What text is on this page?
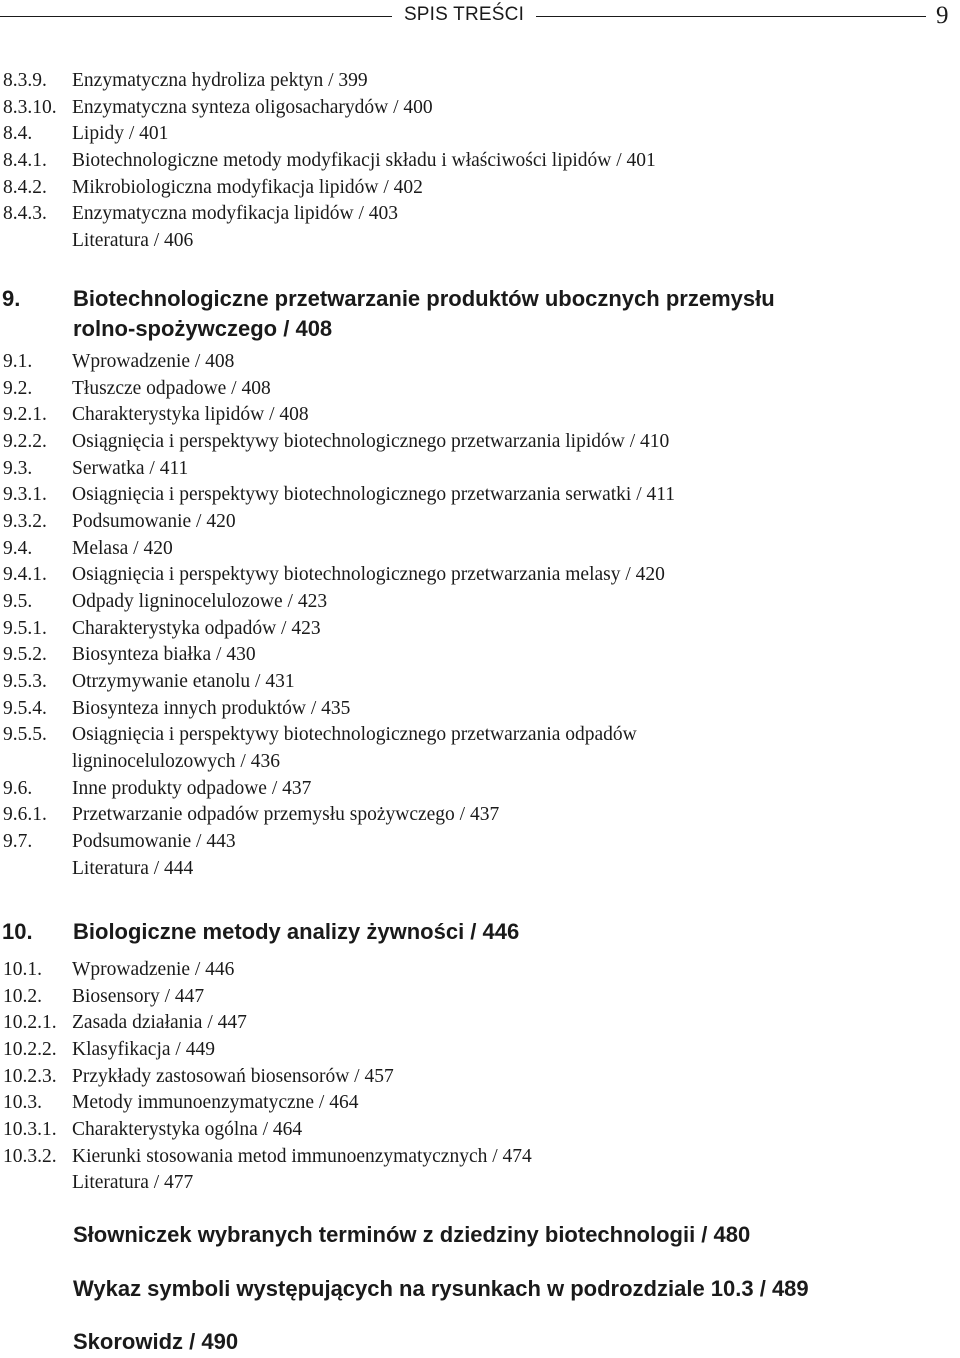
SPIS TREŚCI	9
8.3.9. Enzymatyczna hydroliza pektyn / 399
8.3.10. Enzymatyczna synteza oligosacharydów / 400
8.4. Lipidy / 401
8.4.1. Biotechnologiczne metody modyfikacji składu i właściwości lipidów / 401
8.4.2. Mikrobiologiczna modyfikacja lipidów / 402
8.4.3. Enzymatyczna modyfikacja lipidów / 403
Literatura / 406
9. Biotechnologiczne przetwarzanie produktów ubocznych przemysłu
rolno-spożywczego / 408
9.1. Wprowadzenie / 408
9.2. Tłuszcze odpadowe / 408
9.2.1. Charakterystyka lipidów / 408
9.2.2. Osiągnięcia i perspektywy biotechnologicznego przetwarzania lipidów / 410
9.3. Serwatka / 411
9.3.1. Osiągnięcia i perspektywy biotechnologicznego przetwarzania serwatki / 411
9.3.2. Podsumowanie / 420
9.4. Melasa / 420
9.4.1. Osiągnięcia i perspektywy biotechnologicznego przetwarzania melasy / 420
9.5. Odpady ligninocelulozowe / 423
9.5.1. Charakterystyka odpadów / 423
9.5.2. Biosynteza białka / 430
9.5.3. Otrzymywanie etanolu / 431
9.5.4. Biosynteza innych produktów / 435
9.5.5. Osiągnięcia i perspektywy biotechnologicznego przetwarzania odpadów
ligninocelulozowych / 436
9.6. Inne produkty odpadowe / 437
9.6.1. Przetwarzanie odpadów przemysłu spożywczego / 437
9.7. Podsumowanie / 443
Literatura / 444
10. Biologiczne metody analizy żywności / 446
10.1. Wprowadzenie / 446
10.2. Biosensory / 447
10.2.1. Zasada działania / 447
10.2.2. Klasyfikacja / 449
10.2.3. Przykłady zastosowań biosensorów / 457
10.3. Metody immunoenzymatyczne / 464
10.3.1. Charakterystyka ogólna / 464
10.3.2. Kierunki stosowania metod immunoenzymatycznych / 474
Literatura / 477
Słowniczek wybranych terminów z dziedziny biotechnologii / 480
Wykaz symboli występujących na rysunkach w podrozdziale 10.3 / 489
Skorowidz / 490
